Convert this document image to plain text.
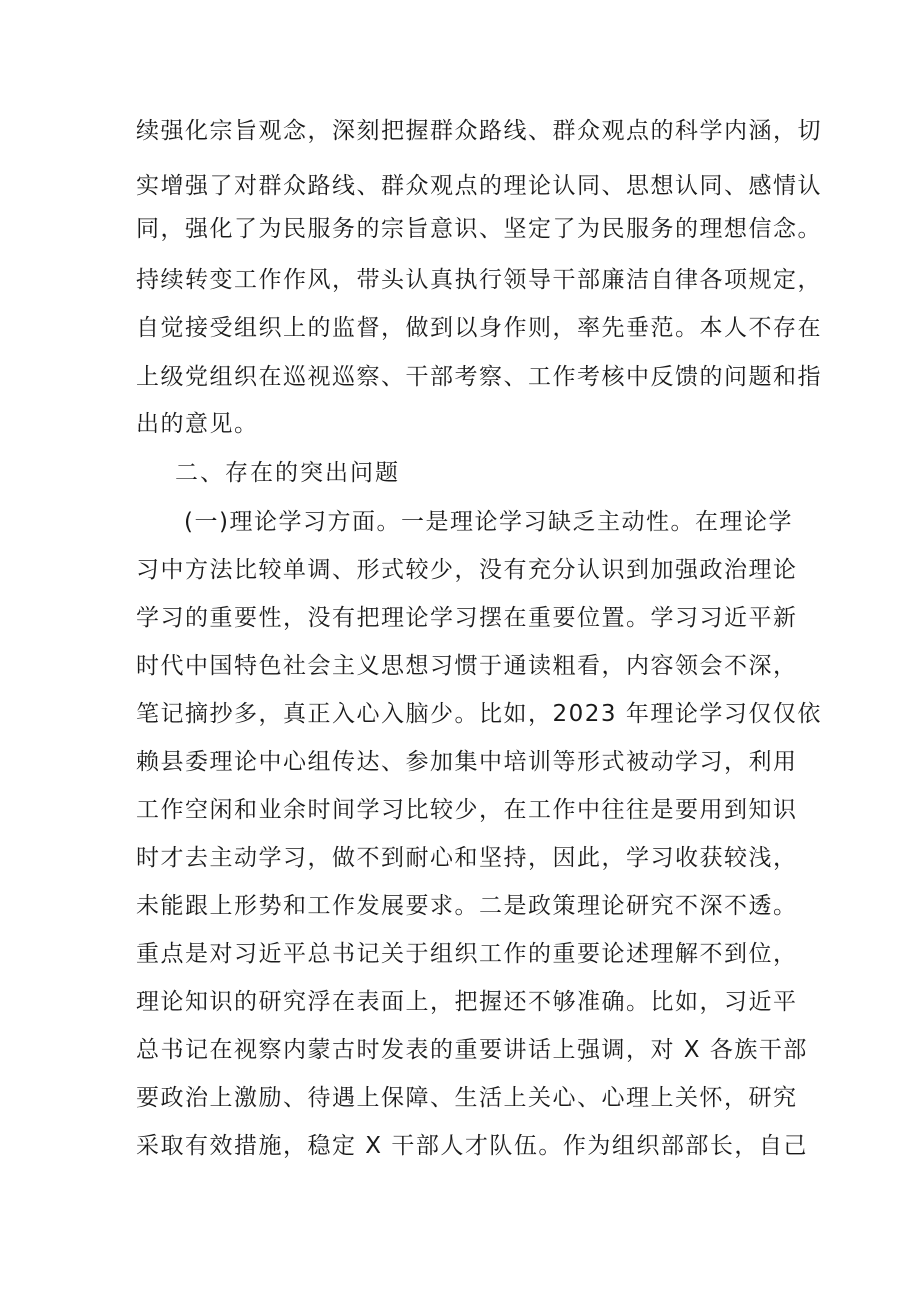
续强化宗旨观念，深刻把握群众路线、群众观点的科学内涵，切
实增强了对群众路线、群众观点的理论认同、思想认同、感情认
同，强化了为民服务的宗旨意识、坚定了为民服务的理想信念。
持续转变工作作风，带头认真执行领导干部廉洁自律各项规定，
自觉接受组织上的监督，做到以身作则，率先垂范。本人不存在
上级党组织在巡视巡察、干部考察、工作考核中反馈的问题和指
出的意见。
二、存在的突出问题
(一)理论学习方面。一是理论学习缺乏主动性。在理论学
习中方法比较单调、形式较少，没有充分认识到加强政治理论
学习的重要性，没有把理论学习摆在重要位置。学习习近平新
时代中国特色社会主义思想习惯于通读粗看，内容领会不深，
笔记摘抄多，真正入心入脑少。比如，2023 年理论学习仅仅依
赖县委理论中心组传达、参加集中培训等形式被动学习，利用
工作空闲和业余时间学习比较少，在工作中往往是要用到知识
时才去主动学习，做不到耐心和坚持，因此，学习收获较浅，
未能跟上形势和工作发展要求。二是政策理论研究不深不透。
重点是对习近平总书记关于组织工作的重要论述理解不到位，
理论知识的研究浮在表面上，把握还不够准确。比如，习近平
总书记在视察内蒙古时发表的重要讲话上强调，对 X 各族干部
要政治上激励、待遇上保障、生活上关心、心理上关怀，研究
采取有效措施，稳定 X 干部人才队伍。作为组织部部长，自己
